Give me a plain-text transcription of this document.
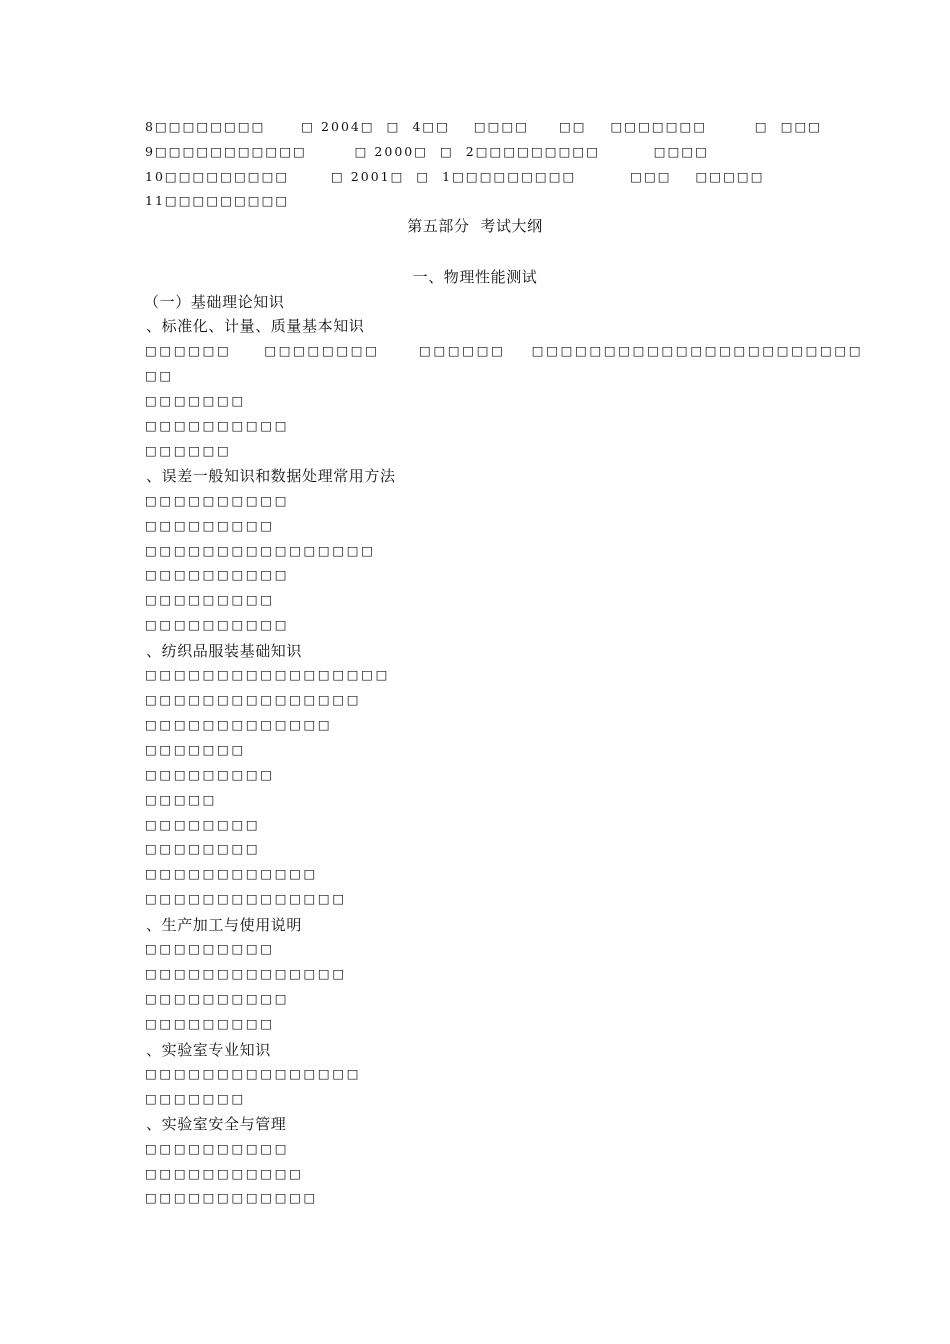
8□□□□□□□□      □ 2004□  □  4□□    □□□□     □□    □□□□□□□        □  □□□
9□□□□□□□□□□□        □ 2000□  □  2□□□□□□□□□         □□□□
10□□□□□□□□□       □ 2001□  □  1□□□□□□□□□         □□□    □□□□□
11□□□□□□□□□
第五部分  考试大纲
一、物理性能测试
（一）基础理论知识
、标准化、计量、质量基本知识
□□□□□□     □□□□□□□□      □□□□□□    □□□□□□□□□□□□□□□□□□□□□□□
□□
□□□□□□□
□□□□□□□□□□
□□□□□□
、误差一般知识和数据处理常用方法
□□□□□□□□□□
□□□□□□□□□
□□□□□□□□□□□□□□□□
□□□□□□□□□□
□□□□□□□□□
□□□□□□□□□□
、纺织品服装基础知识
□□□□□□□□□□□□□□□□□
□□□□□□□□□□□□□□□
□□□□□□□□□□□□□
□□□□□□□
□□□□□□□□□
□□□□□
□□□□□□□□
□□□□□□□□
□□□□□□□□□□□□
□□□□□□□□□□□□□□
、生产加工与使用说明
□□□□□□□□□
□□□□□□□□□□□□□□
□□□□□□□□□□
□□□□□□□□□
、实验室专业知识
□□□□□□□□□□□□□□□
□□□□□□□
、实验室安全与管理
□□□□□□□□□□
□□□□□□□□□□□
□□□□□□□□□□□□
